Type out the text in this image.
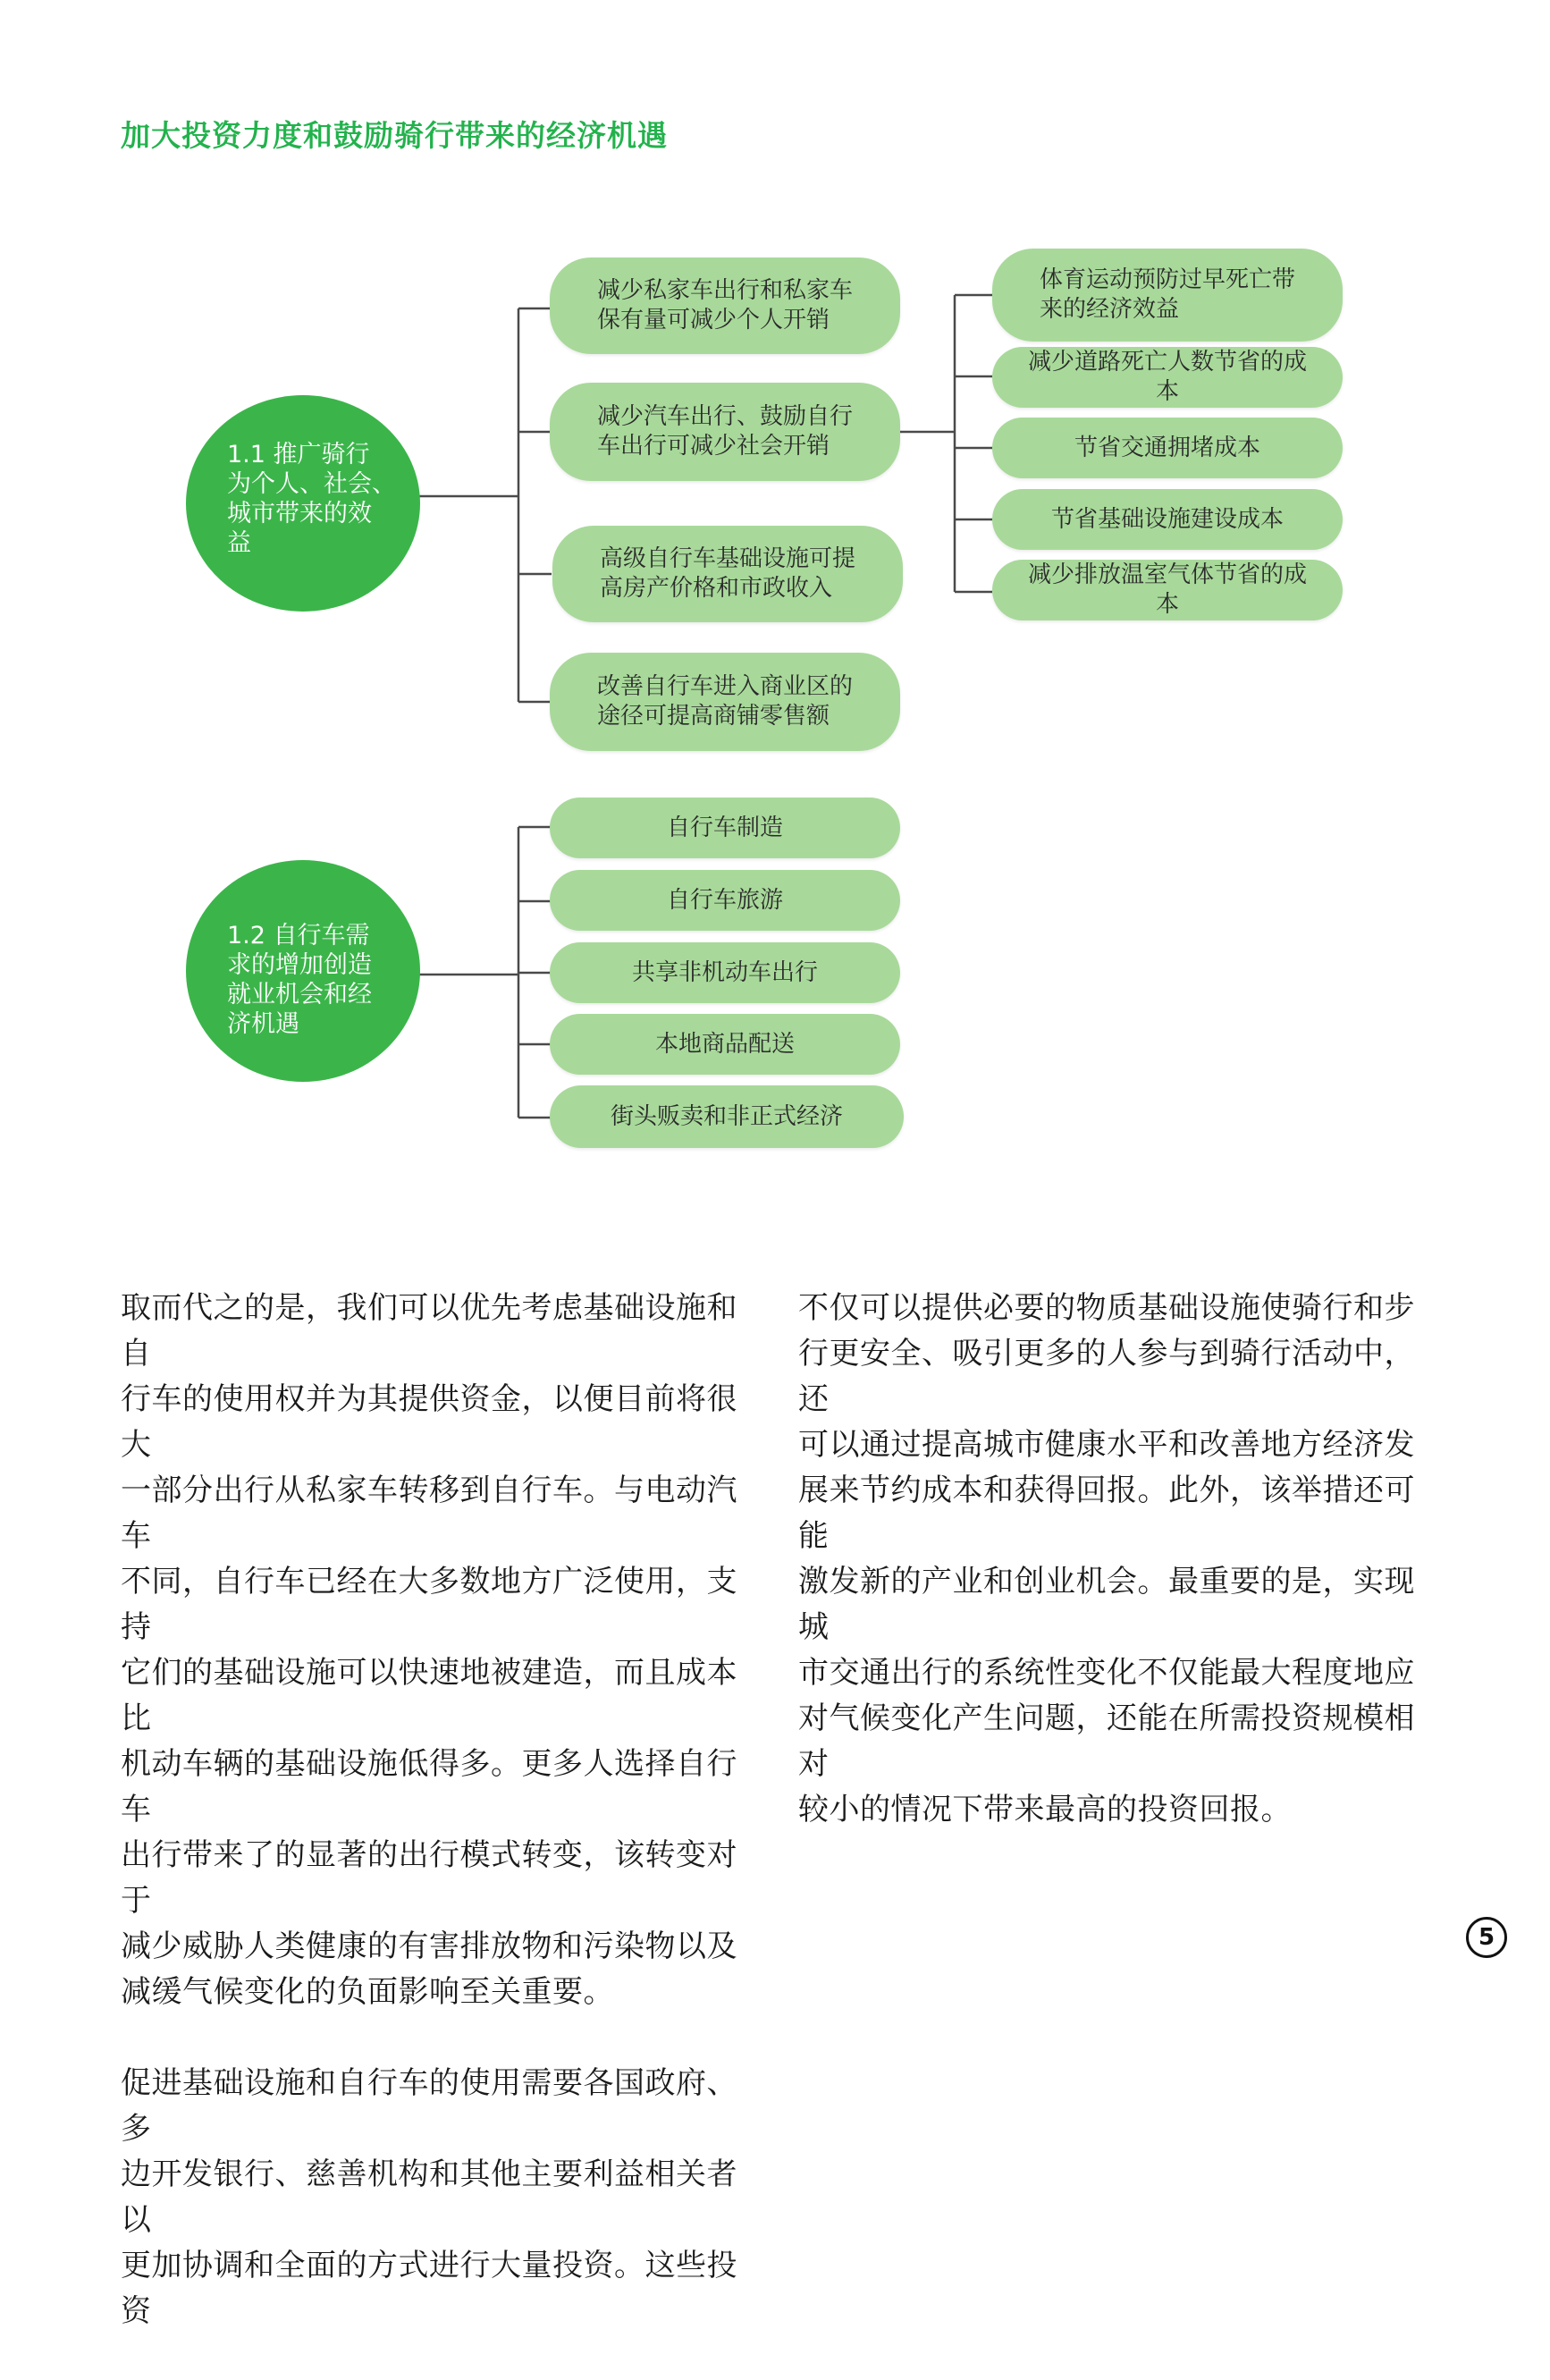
加大投资力度和鼓励骑行带来的经济机遇
1.1 推广骑行
为个人、社会、
城市带来的效
益
减少私家车出行和私家车
保有量可减少个人开销
减少汽车出行、鼓励自行
车出行可减少社会开销
高级自行车基础设施可提
高房产价格和市政收入
改善自行车进入商业区的
途径可提高商铺零售额
体育运动预防过早死亡带
来的经济效益
减少道路死亡人数节省的成本
节省交通拥堵成本
节省基础设施建设成本
减少排放温室气体节省的成本
1.2 自行车需
求的增加创造
就业机会和经
济机遇
自行车制造
自行车旅游
共享非机动车出行
本地商品配送
街头贩卖和非正式经济

取而代之的是，我们可以优先考虑基础设施和自
行车的使用权并为其提供资金，以便目前将很大
一部分出行从私家车转移到自行车。与电动汽车
不同，自行车已经在大多数地方广泛使用，支持
它们的基础设施可以快速地被建造，而且成本比
机动车辆的基础设施低得多。更多人选择自行车
出行带来了的显著的出行模式转变，该转变对于
减少威胁人类健康的有害排放物和污染物以及
减缓气候变化的负面影响至关重要。

促进基础设施和自行车的使用需要各国政府、多
边开发银行、慈善机构和其他主要利益相关者以
更加协调和全面的方式进行大量投资。这些投资

不仅可以提供必要的物质基础设施使骑行和步
行更安全、吸引更多的人参与到骑行活动中，还
可以通过提高城市健康水平和改善地方经济发
展来节约成本和获得回报。此外，该举措还可能
激发新的产业和创业机会。最重要的是，实现城
市交通出行的系统性变化不仅能最大程度地应
对气候变化产生问题，还能在所需投资规模相对
较小的情况下带来最高的投资回报。

5
